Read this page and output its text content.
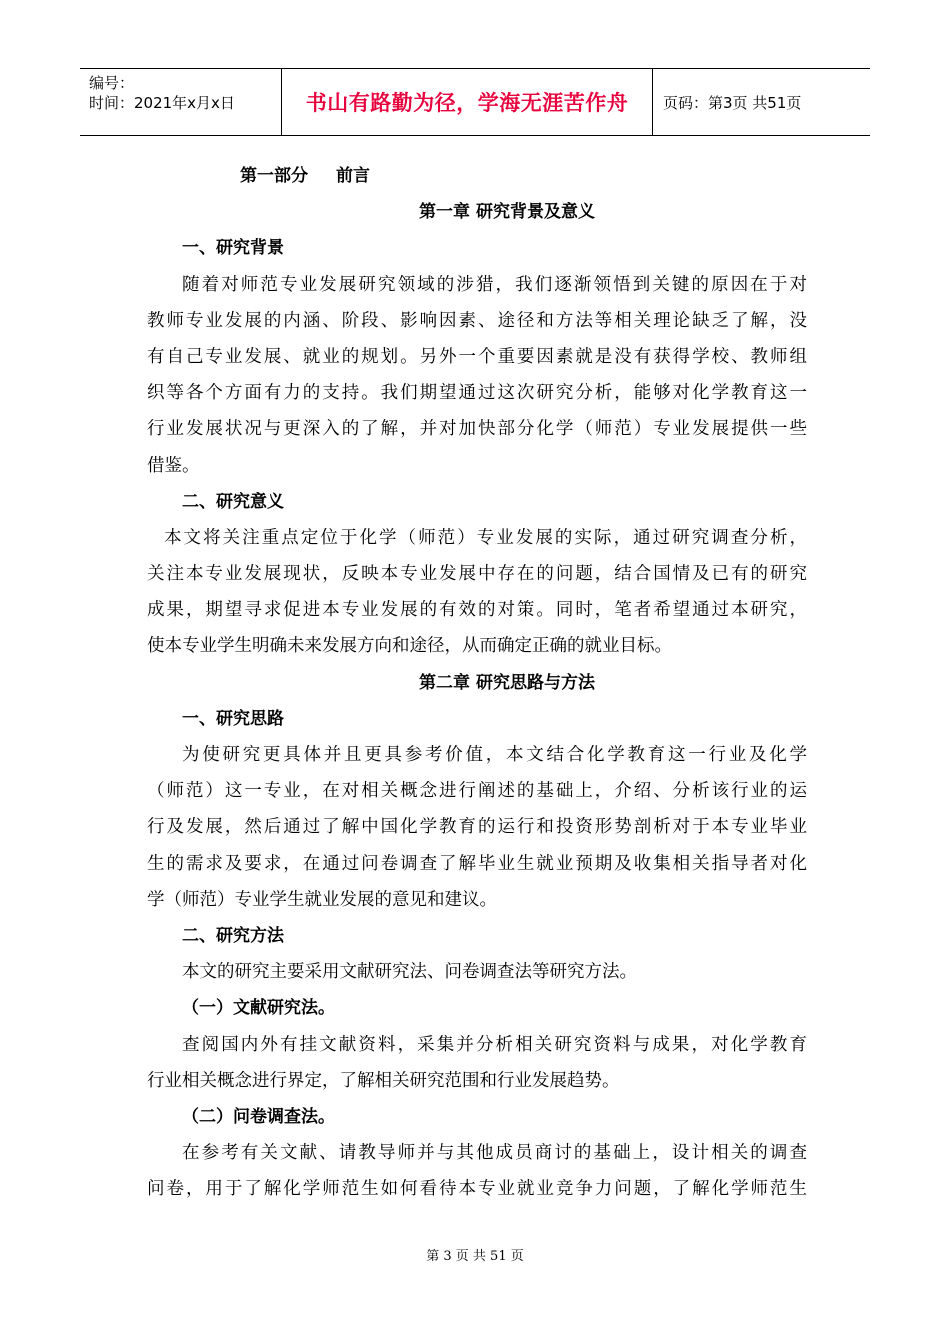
编号：
时间：2021年x月x日	书山有路勤为径，学海无涯苦作舟	页码：第3页 共51页
第一部分 前言
第一章 研究背景及意义
一、研究背景
随着对师范专业发展研究领域的涉猎，我们逐渐领悟到关键的原因在于对
教师专业发展的内涵、阶段、影响因素、途径和方法等相关理论缺乏了解，没
有自己专业发展、就业的规划。另外一个重要因素就是没有获得学校、教师组
织等各个方面有力的支持。我们期望通过这次研究分析，能够对化学教育这一
行业发展状况与更深入的了解，并对加快部分化学（师范）专业发展提供一些
借鉴。
二、研究意义
本文将关注重点定位于化学（师范）专业发展的实际，通过研究调查分析，
关注本专业发展现状，反映本专业发展中存在的问题，结合国情及已有的研究
成果，期望寻求促进本专业发展的有效的对策。同时，笔者希望通过本研究，
使本专业学生明确未来发展方向和途径，从而确定正确的就业目标。
第二章 研究思路与方法
一、研究思路
为使研究更具体并且更具参考价值，本文结合化学教育这一行业及化学
（师范）这一专业，在对相关概念进行阐述的基础上，介绍、分析该行业的运
行及发展，然后通过了解中国化学教育的运行和投资形势剖析对于本专业毕业
生的需求及要求，在通过问卷调查了解毕业生就业预期及收集相关指导者对化
学（师范）专业学生就业发展的意见和建议。
二、研究方法
本文的研究主要采用文献研究法、问卷调查法等研究方法。
（一）文献研究法。
查阅国内外有挂文献资料，采集并分析相关研究资料与成果，对化学教育
行业相关概念进行界定，了解相关研究范围和行业发展趋势。
（二）问卷调查法。
在参考有关文献、请教导师并与其他成员商讨的基础上，设计相关的调查
问卷，用于了解化学师范生如何看待本专业就业竞争力问题，了解化学师范生
第 3 页 共 51 页
